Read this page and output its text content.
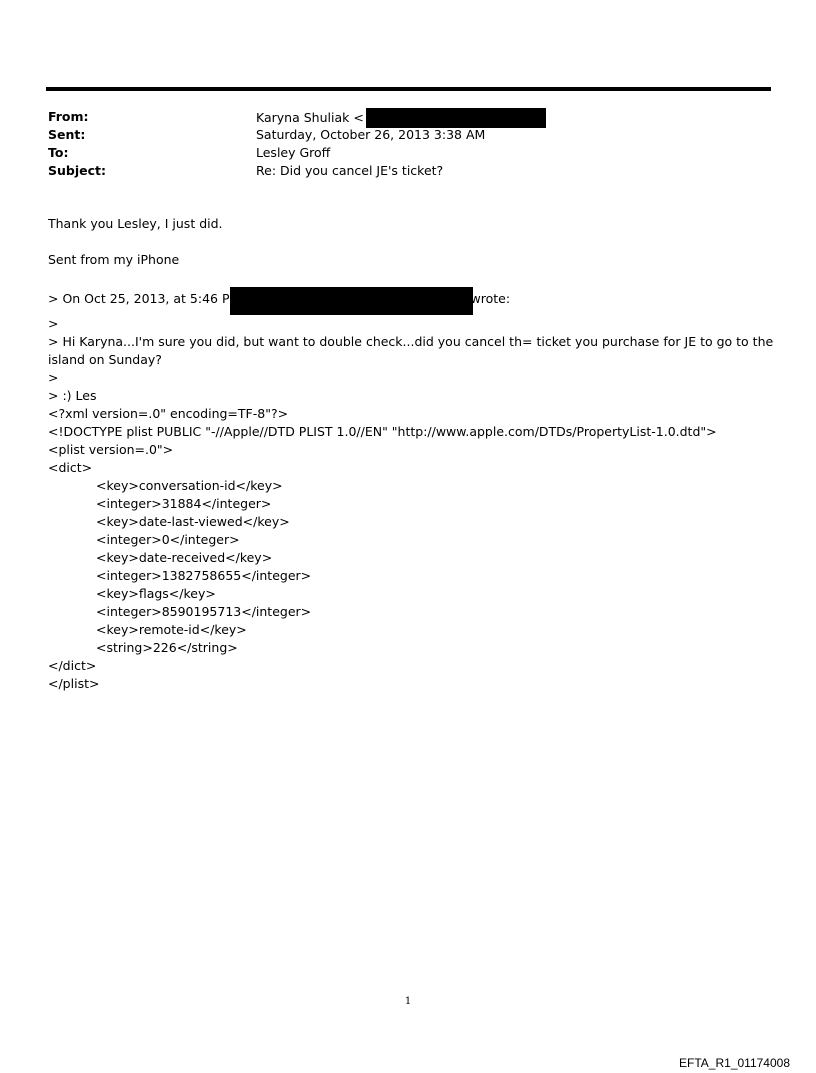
From:	Karyna Shuliak <
Sent:	Saturday, October 26, 2013 3:38 AM
To:	Lesley Groff
Subject:	Re: Did you cancel JE's ticket?
Thank you Lesley, I just did.
Sent from my iPhone
> On Oct 25, 2013, at 5:46 P	wrote:
>
> Hi Karyna...I'm sure you did, but want to double check...did you cancel th= ticket you purchase for JE to go to the island on Sunday?
>
> :) Les
<?xml version=.0" encoding=TF-8"?>
<!DOCTYPE plist PUBLIC "-//Apple//DTD PLIST 1.0//EN" "http://www.apple.com/DTDs/PropertyList-1.0.dtd">
<plist version=.0">
<dict>
<key>conversation-id</key>
<integer>31884</integer>
<key>date-last-viewed</key>
<integer>0</integer>
<key>date-received</key>
<integer>1382758655</integer>
<key>flags</key>
<integer>8590195713</integer>
<key>remote-id</key>
<string>226</string>
</dict>
</plist>
1
EFTA_R1_01174008
